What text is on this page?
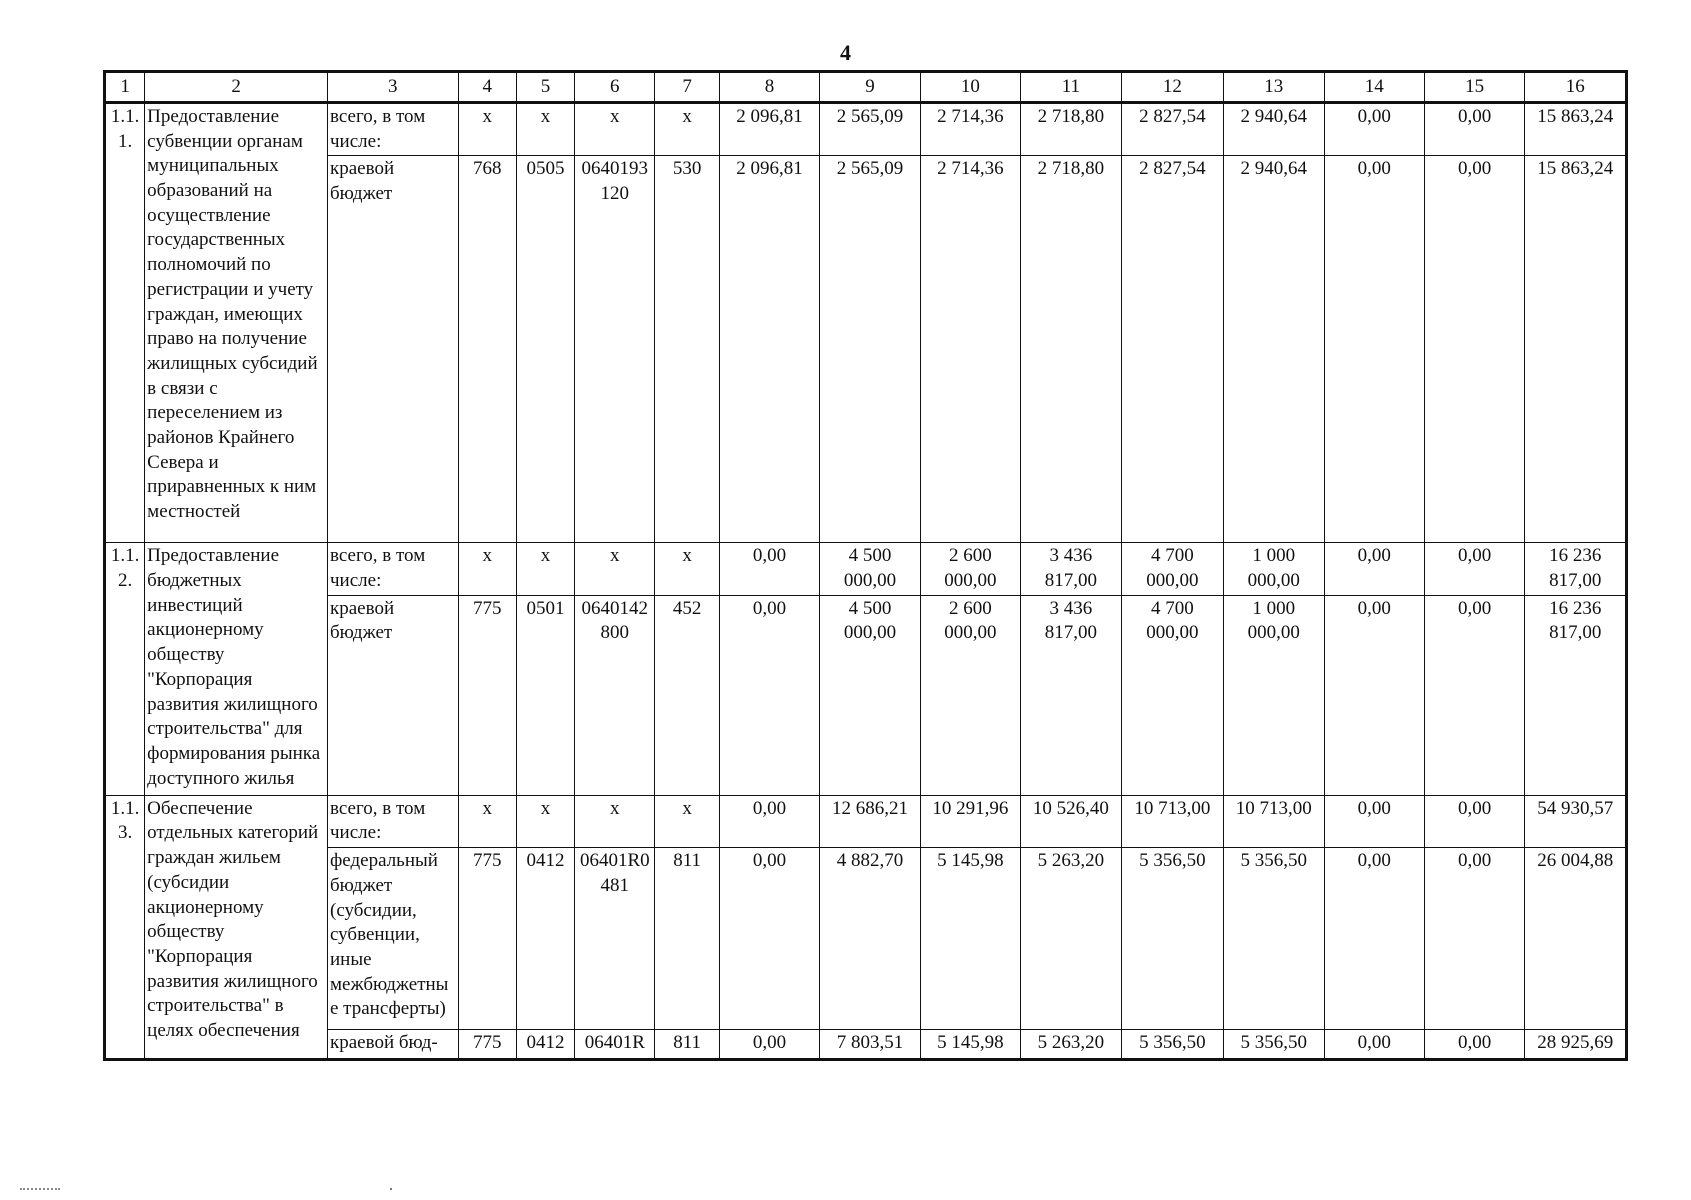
4
1	2	3	4	5	6	7	8	9	10	11	12	13	14	15	16
1.1.1.	Предоставление субвенции органам муниципальных образований на осуществление государственных полномочий по регистрации и учету граждан, имеющих право на получение жилищных субсидий в связи с переселением из районов Крайнего Севера и приравненных к ним местностей	всего, в том числе:	x	x	x	x	2 096,81	2 565,09	2 714,36	2 718,80	2 827,54	2 940,64	0,00	0,00	15 863,24
		краевой бюджет	768	0505	0640193120	530	2 096,81	2 565,09	2 714,36	2 718,80	2 827,54	2 940,64	0,00	0,00	15 863,24
1.1.2.	Предоставление бюджетных инвестиций акционерному обществу "Корпорация развития жилищного строительства" для формирования рынка доступного жилья	всего, в том числе:	x	x	x	x	0,00	4 500 000,00	2 600 000,00	3 436 817,00	4 700 000,00	1 000 000,00	0,00	0,00	16 236 817,00
		краевой бюджет	775	0501	0640142800	452	0,00	4 500 000,00	2 600 000,00	3 436 817,00	4 700 000,00	1 000 000,00	0,00	0,00	16 236 817,00
1.1.3.	Обеспечение отдельных категорий граждан жильем (субсидии акционерному обществу "Корпорация развития жилищного строительства" в целях обеспечения	всего, в том числе:	x	x	x	x	0,00	12 686,21	10 291,96	10 526,40	10 713,00	10 713,00	0,00	0,00	54 930,57
		федеральный бюджет (субсидии, субвенции, иные межбюджетные трансферты)	775	0412	06401R0481	811	0,00	4 882,70	5 145,98	5 263,20	5 356,50	5 356,50	0,00	0,00	26 004,88
		краевой бюд-	775	0412	06401R	811	0,00	7 803,51	5 145,98	5 263,20	5 356,50	5 356,50	0,00	0,00	28 925,69
